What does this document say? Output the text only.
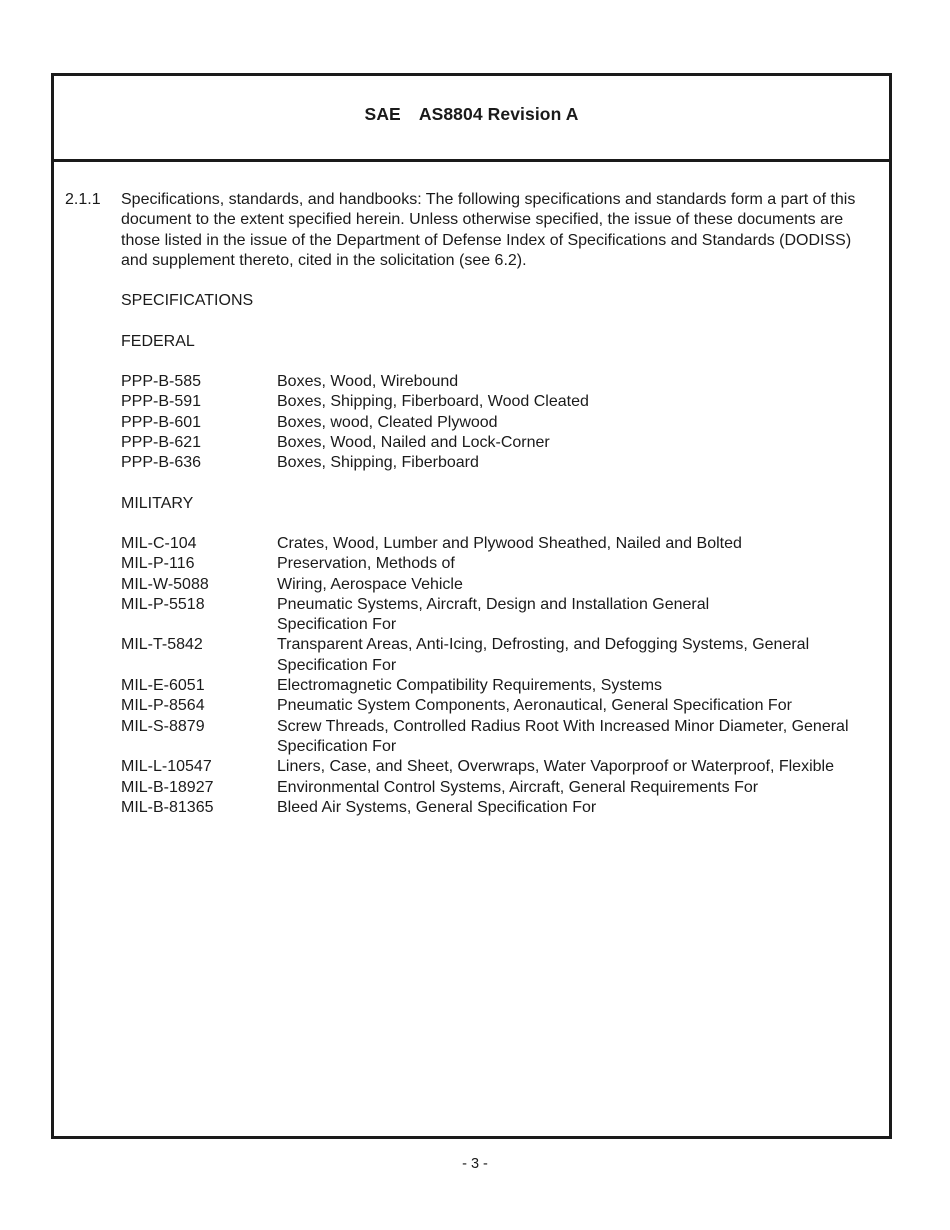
SAE AS8804 Revision A
2.1.1 Specifications, standards, and handbooks: The following specifications and standards form a part of this document to the extent specified herein. Unless otherwise specified, the issue of these documents are those listed in the issue of the Department of Defense Index of Specifications and Standards (DODISS) and supplement thereto, cited in the solicitation (see 6.2).
SPECIFICATIONS
FEDERAL
PPP-B-585	Boxes, Wood, Wirebound
PPP-B-591	Boxes, Shipping, Fiberboard, Wood Cleated
PPP-B-601	Boxes, wood, Cleated Plywood
PPP-B-621	Boxes, Wood, Nailed and Lock-Corner
PPP-B-636	Boxes, Shipping, Fiberboard
MILITARY
MIL-C-104	Crates, Wood, Lumber and Plywood Sheathed, Nailed and Bolted
MIL-P-116	Preservation, Methods of
MIL-W-5088	Wiring, Aerospace Vehicle
MIL-P-5518	Pneumatic Systems, Aircraft, Design and Installation General Specification For
MIL-T-5842	Transparent Areas, Anti-Icing, Defrosting, and Defogging Systems, General Specification For
MIL-E-6051	Electromagnetic Compatibility Requirements, Systems
MIL-P-8564	Pneumatic System Components, Aeronautical, General Specification For
MIL-S-8879	Screw Threads, Controlled Radius Root With Increased Minor Diameter, General Specification For
MIL-L-10547	Liners, Case, and Sheet, Overwraps, Water Vaporproof or Waterproof, Flexible
MIL-B-18927	Environmental Control Systems, Aircraft, General Requirements For
MIL-B-81365	Bleed Air Systems, General Specification For
- 3 -
